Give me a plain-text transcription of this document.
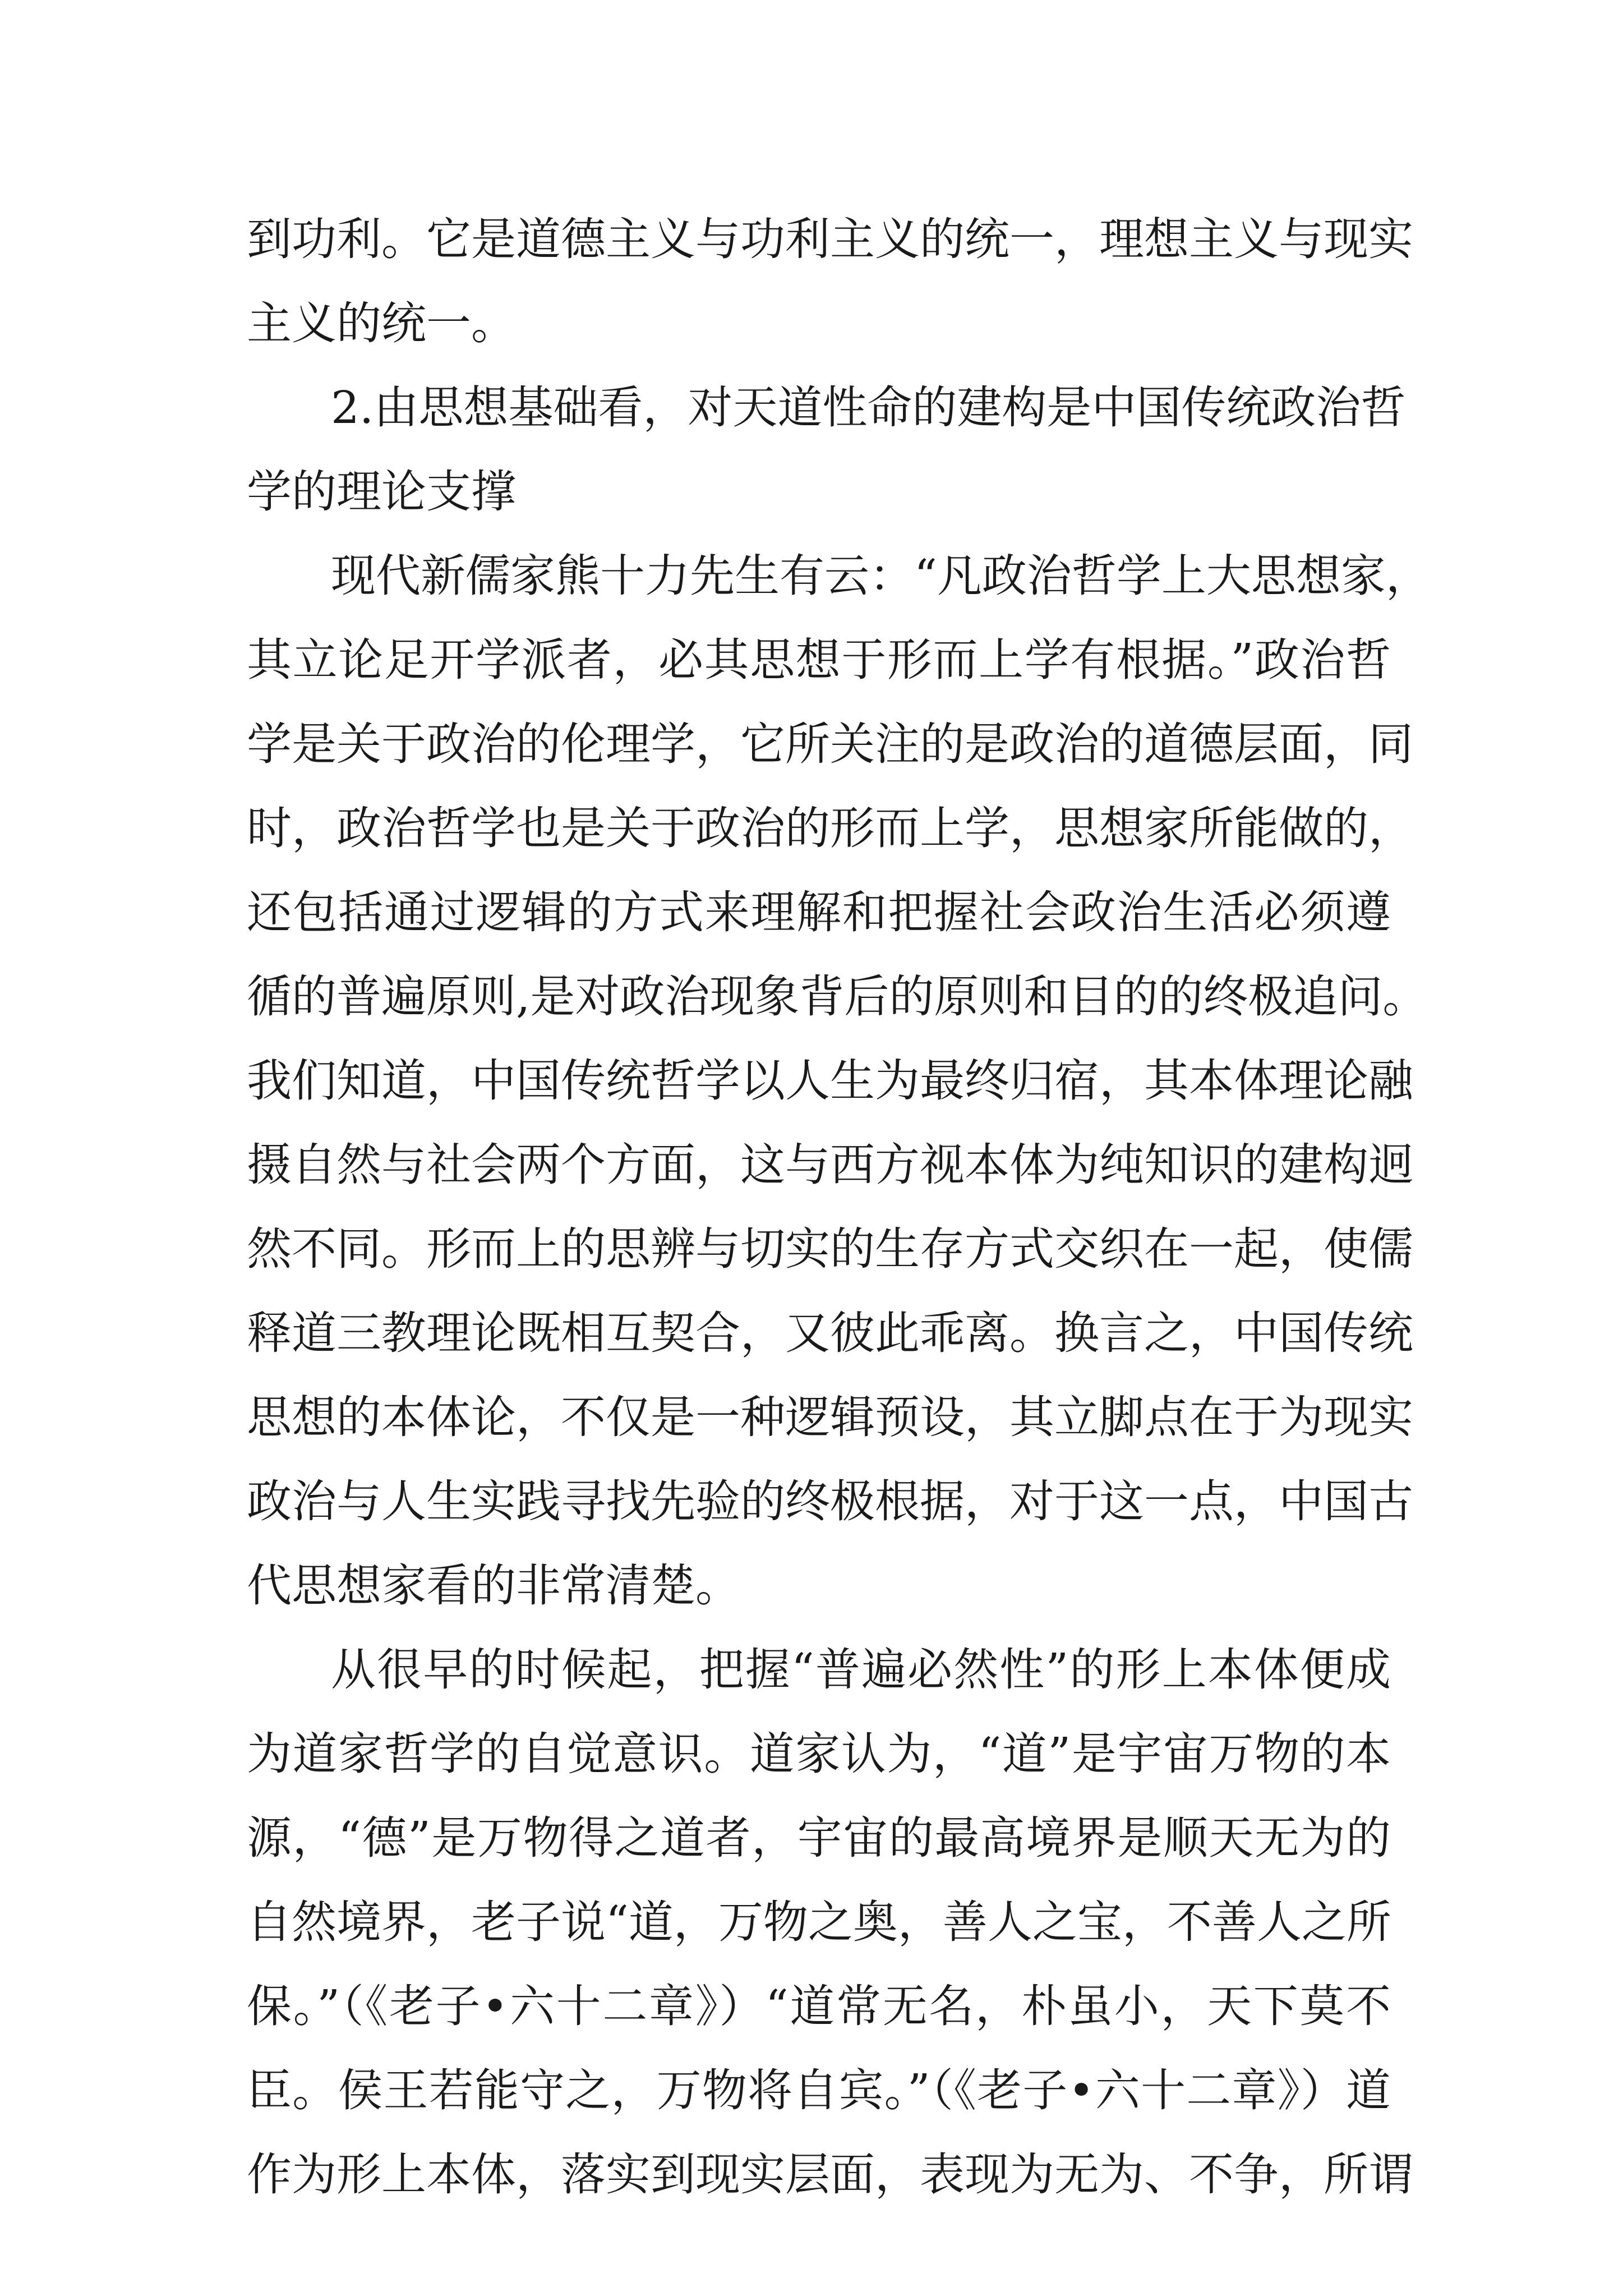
到功利。它是道德主义与功利主义的统一，理想主义与现实
主义的统一。
2.由思想基础看，对天道性命的建构是中国传统政治哲
学的理论支撑
现代新儒家熊十力先生有云：“凡政治哲学上大思想家，
其立论足开学派者，必其思想于形而上学有根据。”政治哲
学是关于政治的伦理学，它所关注的是政治的道德层面，同
时，政治哲学也是关于政治的形而上学，思想家所能做的，
还包括通过逻辑的方式来理解和把握社会政治生活必须遵
循的普遍原则,是对政治现象背后的原则和目的的终极追问。
我们知道，中国传统哲学以人生为最终归宿，其本体理论融
摄自然与社会两个方面，这与西方视本体为纯知识的建构迥
然不同。形而上的思辨与切实的生存方式交织在一起，使儒
释道三教理论既相互契合，又彼此乖离。换言之，中国传统
思想的本体论，不仅是一种逻辑预设，其立脚点在于为现实
政治与人生实践寻找先验的终极根据，对于这一点，中国古
代思想家看的非常清楚。
从很早的时候起，把握“普遍必然性”的形上本体便成
为道家哲学的自觉意识。道家认为，“道”是宇宙万物的本
源，“德”是万物得之道者，宇宙的最高境界是顺天无为的
自然境界，老子说“道，万物之奥，善人之宝，不善人之所
保。”（《老子•六十二章》）“道常无名，朴虽小，天下莫不
臣。侯王若能守之，万物将自宾。”（《老子•六十二章》）道
作为形上本体，落实到现实层面，表现为无为、不争，所谓
